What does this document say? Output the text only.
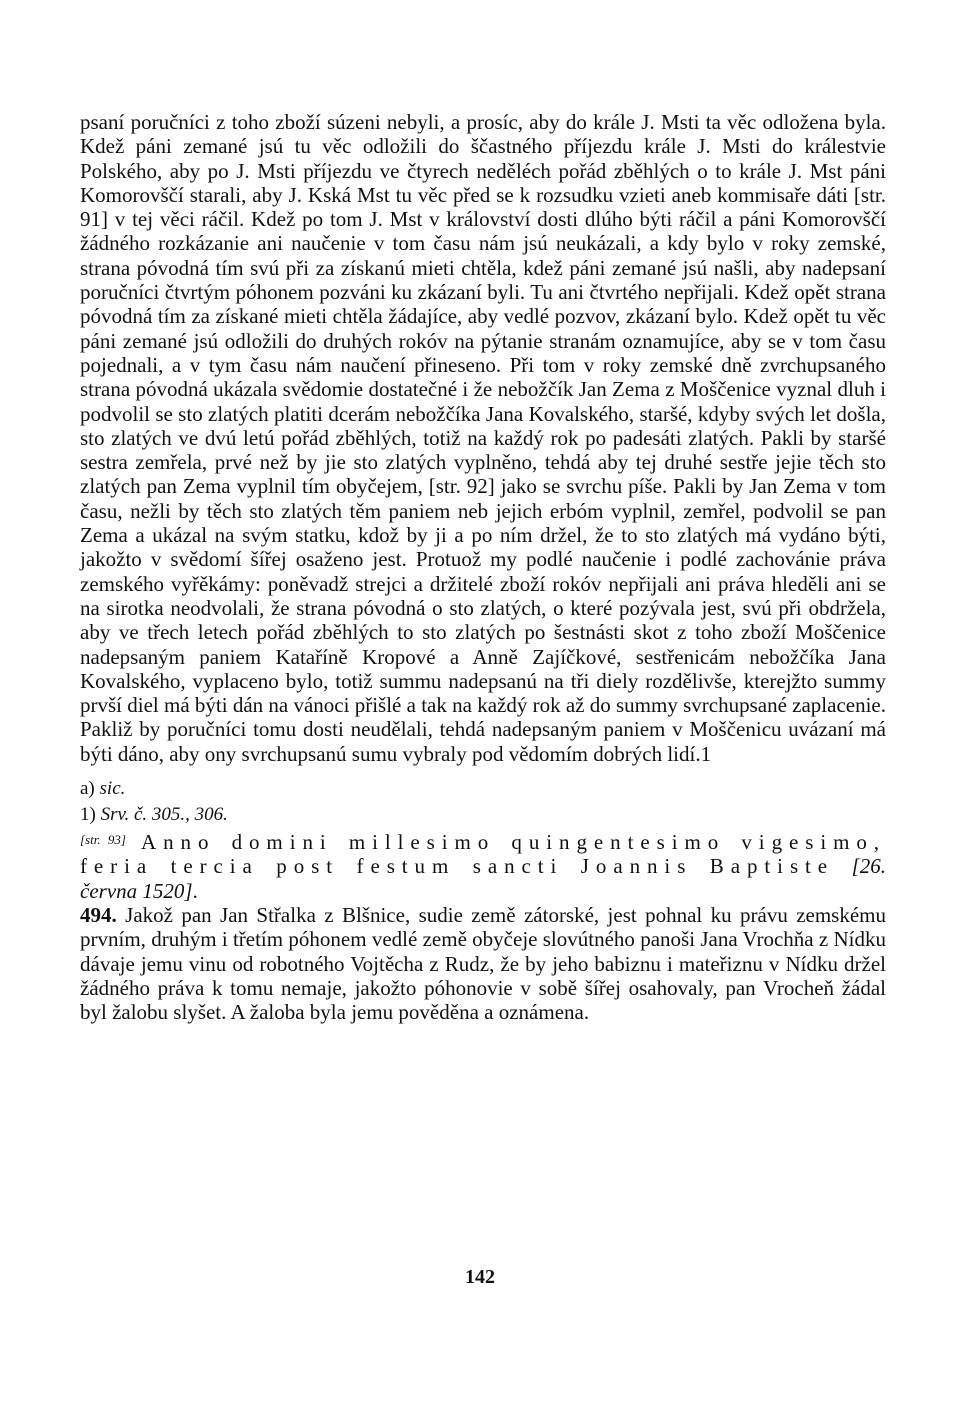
psaní poručníci z toho zboží súzeni nebyli, a prosíc, aby do krále J. Msti ta věc odložena byla. Kdež páni zemané jsú tu věc odložili do ščastného příjezdu krále J. Msti do králestvie Polského, aby po J. Msti příjezdu ve čtyrech neděléch pořád zběhlých o to krále J. Mst páni Komorovščí starali, aby J. Kská Mst tu věc před se k rozsudku vzieti aneb kommisaře dáti [str. 91] v tej věci ráčil. Kdež po tom J. Mst v království dosti dlúho býti ráčil a páni Komorovščí žádného rozkázanie ani naučenie v tom času nám jsú neukázali, a kdy bylo v roky zemské, strana póvodná tím svú při za získanú mieti chtěla, kdež páni zemané jsú našli, aby nadepsaní poručníci čtvrtým póhonem pozváni ku zkázaní byli. Tu ani čtvrtého nepřijali. Kdež opět strana póvodná tím za získané mieti chtěla žádajíce, aby vedlé pozvov, zkázaní bylo. Kdež opět tu věc páni zemané jsú odložili do druhých rokóv na pýtanie stranám oznamujíce, aby se v tom času pojednali, a v tym času nám naučení přineseno. Při tom v roky zemské dně zvrchupsaného strana póvodná ukázala svědomie dostatečné i že nebožčík Jan Zema z Moščenice vyznal dluh i podvolil se sto zlatých platiti dcerám nebožčíka Jana Kovalského, staršé, kdyby svých let došla, sto zlatých ve dvú letú pořád zběhlých, totiž na každý rok po padesáti zlatých. Pakli by staršé sestra zemřela, prvé než by jie sto zlatých vyplněno, tehdá aby tej druhé sestře jejie těch sto zlatých pan Zema vyplnil tím obyčejem, [str. 92] jako se svrchu píše. Pakli by Jan Zema v tom času, nežli by těch sto zlatých těm paniem neb jejich erbóm vyplnil, zemřel, podvolil se pan Zema a ukázal na svým statku, kdož by ji a po ním držel, že to sto zlatých má vydáno býti, jakožto v svědomí šířej osaženo jest. Protuož my podlé naučenie i podlé zachovánie práva zemského vyřěkámy: poněvadž strejci a držitelé zboží rokóv nepřijali ani práva hleděli ani se na sirotka neodvolali, že strana póvodná o sto zlatých, o které pozývala jest, svú při obdržela, aby ve třech letech pořád zběhlých to sto zlatých po šestnásti skot z toho zboží Moščenice nadepsaným paniem Kataříně Kropové a Anně Zajíčkové, sestřenicám nebožčíka Jana Kovalského, vyplaceno bylo, totiž summu nadepsanú na tři diely rozdělivše, kterejžto summy prvší diel má býti dán na vánoci přišlé a tak na každý rok až do summy svrchupsané zaplacenie. Pakliž by poručníci tomu dosti neudělali, tehdá nadepsaným paniem v Moščenicu uvázaní má býti dáno, aby ony svrchupsanú sumu vybraly pod vědomím dobrých lidí.1

a) sic.

1) Srv. č. 305., 306.

[str. 93] Anno domini millesimo quingentesimo vigesimo, feria tercia post festum sancti Joannis Baptiste [26. června 1520].

494. Jakož pan Jan Střalka z Blšnice, sudie země zátorské, jest pohnal ku právu zemskému prvním, druhým i třetím póhonem vedlé země obyčeje slovútného panoši Jana Vrochňa z Nídku dávaje jemu vinu od robotného Vojtěcha z Rudz, že by jeho babiznu i mateřiznu v Nídku držel žádného práva k tomu nemaje, jakožto póhonovie v sobě šířej osahovaly, pan Vrocheň žádal byl žalobu slyšet. A žaloba byla jemu pověděna a oznámena.

142
